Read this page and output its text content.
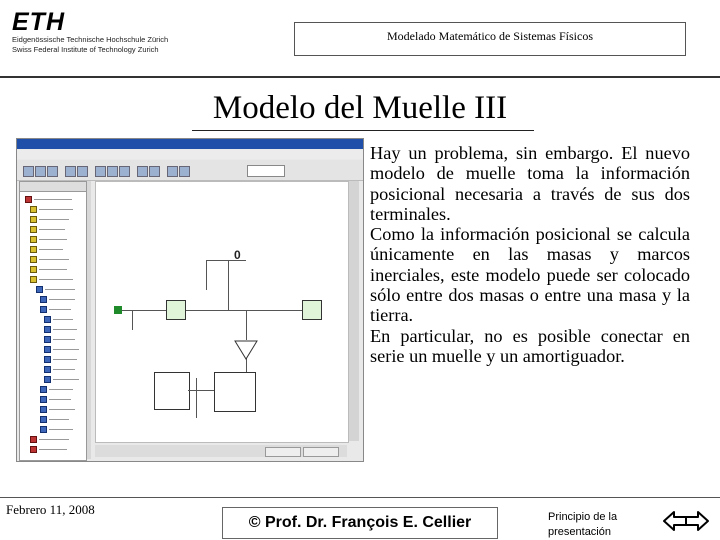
ETH
Eidgenössische Technische Hochschule Zürich
Swiss Federal Institute of Technology Zurich
Modelado Matemático de Sistemas Físicos
Modelo del Muelle III
0

Hay un problema, sin embargo. El nuevo modelo de muelle toma la información posicional necesaria a través de sus dos terminales.

Como la información posicional se calcula únicamente en las masas y marcos inerciales, este modelo puede ser colocado sólo entre dos masas o entre una masa y la tierra.

En particular, no es posible conectar en serie un muelle y un amortiguador.

Febrero 11, 2008
© Prof. Dr. François E. Cellier	Principio de la presentación
